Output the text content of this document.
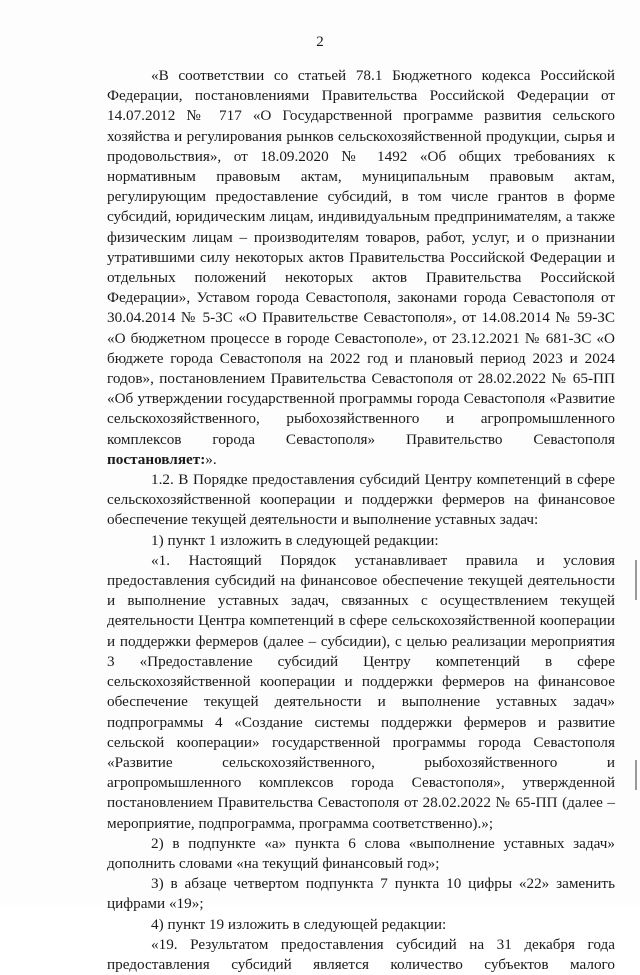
2

«В соответствии со статьей 78.1 Бюджетного кодекса Российской Федерации, постановлениями Правительства Российской Федерации от 14.07.2012 № 717 «О Государственной программе развития сельского хозяйства и регулирования рынков сельскохозяйственной продукции, сырья и продовольствия», от 18.09.2020 № 1492 «Об общих требованиях к нормативным правовым актам, муниципальным правовым актам, регулирующим предоставление субсидий, в том числе грантов в форме субсидий, юридическим лицам, индивидуальным предпринимателям, а также физическим лицам – производителям товаров, работ, услуг, и о признании утратившими силу некоторых актов Правительства Российской Федерации и отдельных положений некоторых актов Правительства Российской Федерации», Уставом города Севастополя, законами города Севастополя от 30.04.2014 № 5-ЗС «О Правительстве Севастополя», от 14.08.2014 № 59-ЗС «О бюджетном процессе в городе Севастополе», от 23.12.2021 № 681-ЗС «О бюджете города Севастополя на 2022 год и плановый период 2023 и 2024 годов», постановлением Правительства Севастополя от 28.02.2022 № 65-ПП «Об утверждении государственной программы города Севастополя «Развитие сельскохозяйственного, рыбохозяйственного и агропромышленного комплексов города Севастополя» Правительство Севастополя постановляет:».

1.2. В Порядке предоставления субсидий Центру компетенций в сфере сельскохозяйственной кооперации и поддержки фермеров на финансовое обеспечение текущей деятельности и выполнение уставных задач:

1) пункт 1 изложить в следующей редакции:

«1. Настоящий Порядок устанавливает правила и условия предоставления субсидий на финансовое обеспечение текущей деятельности и выполнение уставных задач, связанных с осуществлением текущей деятельности Центра компетенций в сфере сельскохозяйственной кооперации и поддержки фермеров (далее – субсидии), с целью реализации мероприятия 3 «Предоставление субсидий Центру компетенций в сфере сельскохозяйственной кооперации и поддержки фермеров на финансовое обеспечение текущей деятельности и выполнение уставных задач» подпрограммы 4 «Создание системы поддержки фермеров и развитие сельской кооперации» государственной программы города Севастополя «Развитие сельскохозяйственного, рыбохозяйственного и агропромышленного комплексов города Севастополя», утвержденной постановлением Правительства Севастополя от 28.02.2022 № 65-ПП (далее – мероприятие, подпрограмма, программа соответственно).»;

2) в подпункте «а» пункта 6 слова «выполнение уставных задач» дополнить словами «на текущий финансовый год»;

3) в абзаце четвертом подпункта 7 пункта 10 цифры «22» заменить цифрами «19»;

4) пункт 19 изложить в следующей редакции:

«19. Результатом предоставления субсидий на 31 декабря года предоставления субсидий является количество субъектов малого
